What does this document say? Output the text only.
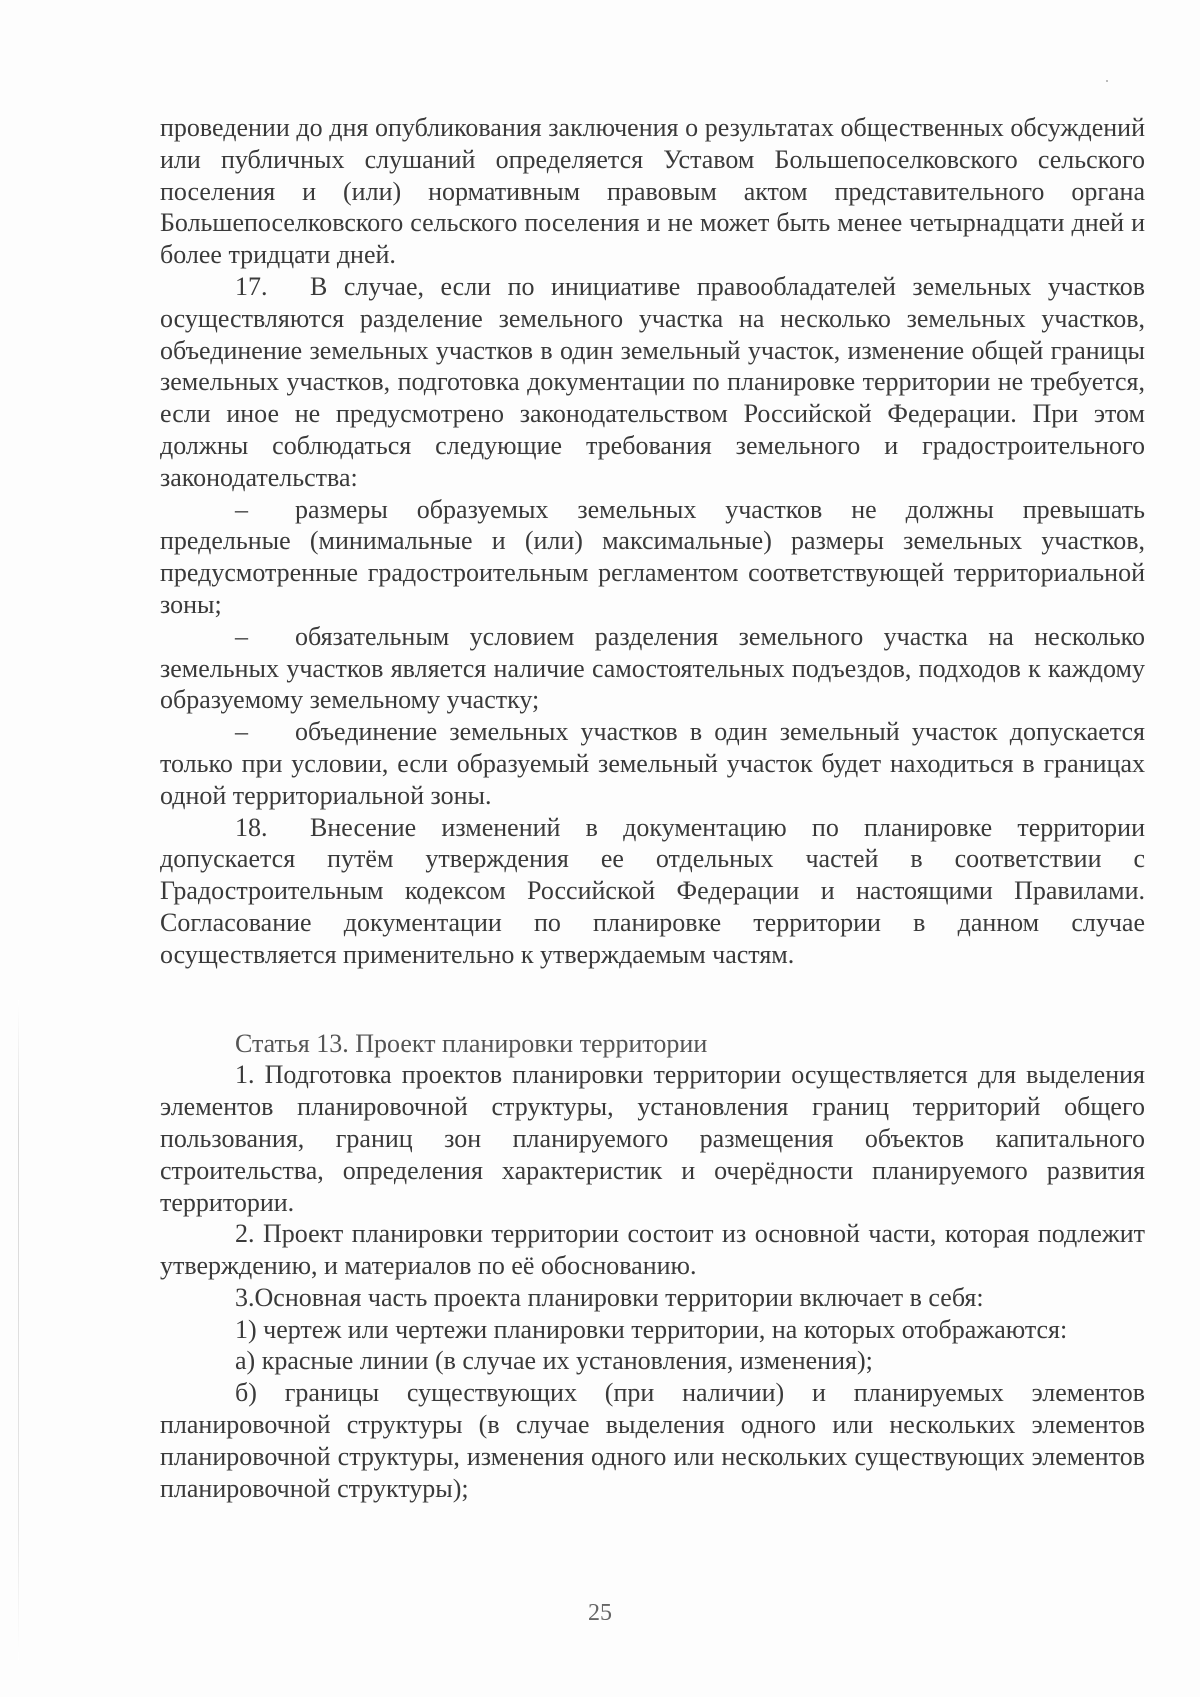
проведении до дня опубликования заключения о результатах общественных обсуждений или публичных слушаний определяется Уставом Большепоселковского сельского поселения и (или) нормативным правовым актом представительного органа Большепоселковского сельского поселения и не может быть менее четырнадцати дней и более тридцати дней.

17. В случае, если по инициативе правообладателей земельных участков осуществляются разделение земельного участка на несколько земельных участков, объединение земельных участков в один земельный участок, изменение общей границы земельных участков, подготовка документации по планировке территории не требуется, если иное не предусмотрено законодательством Российской Федерации. При этом должны соблюдаться следующие требования земельного и градостроительного законодательства:

– размеры образуемых земельных участков не должны превышать предельные (минимальные и (или) максимальные) размеры земельных участков, предусмотренные градостроительным регламентом соответствующей территориальной зоны;

– обязательным условием разделения земельного участка на несколько земельных участков является наличие самостоятельных подъездов, подходов к каждому образуемому земельному участку;

– объединение земельных участков в один земельный участок допускается только при условии, если образуемый земельный участок будет находиться в границах одной территориальной зоны.

18. Внесение изменений в документацию по планировке территории допускается путём утверждения ее отдельных частей в соответствии с Градостроительным кодексом Российской Федерации и настоящими Правилами. Согласование документации по планировке территории в данном случае осуществляется применительно к утверждаемым частям.

Статья 13. Проект планировки территории

1. Подготовка проектов планировки территории осуществляется для выделения элементов планировочной структуры, установления границ территорий общего пользования, границ зон планируемого размещения объектов капитального строительства, определения характеристик и очерёдности планируемого развития территории.

2. Проект планировки территории состоит из основной части, которая подлежит утверждению, и материалов по её обоснованию.

3.Основная часть проекта планировки территории включает в себя:

1) чертеж или чертежи планировки территории, на которых отображаются:

а) красные линии (в случае их установления, изменения);

б) границы существующих (при наличии) и планируемых элементов планировочной структуры (в случае выделения одного или нескольких элементов планировочной структуры, изменения одного или нескольких существующих элементов планировочной структуры);

25
